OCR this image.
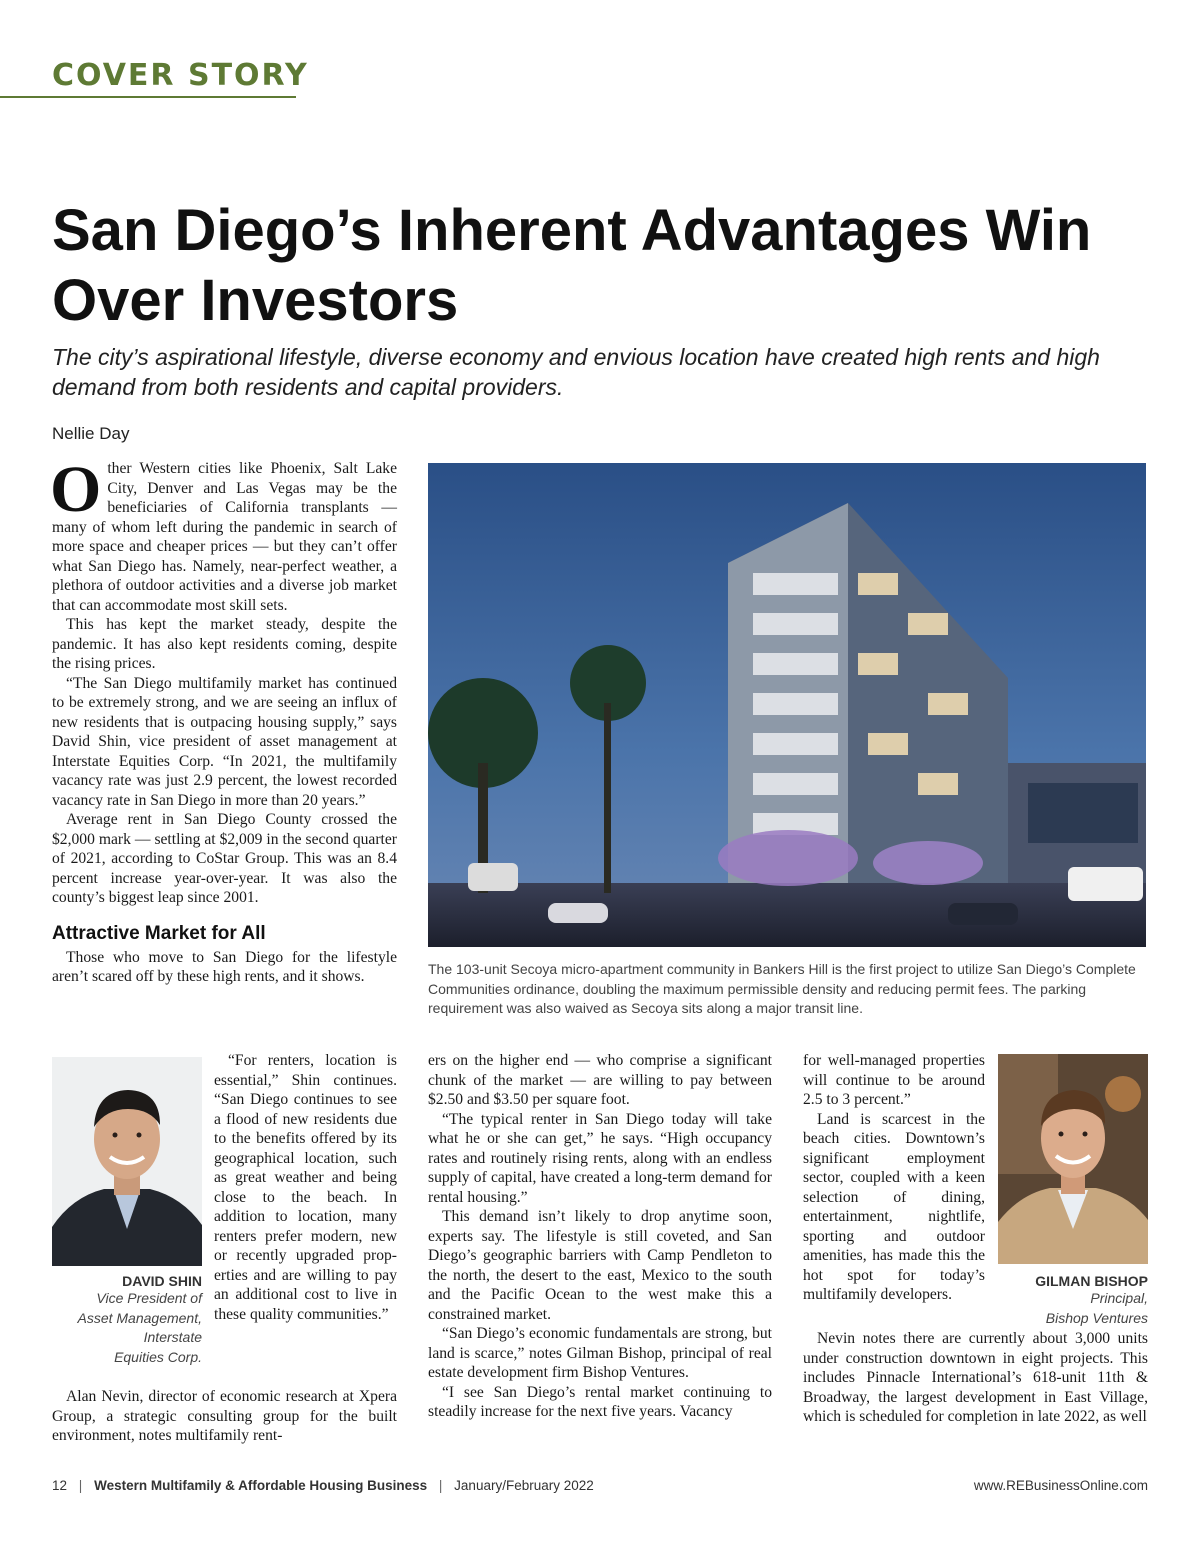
COVER STORY
San Diego’s Inherent Advantages Win Over Investors

The city’s aspirational lifestyle, diverse economy and envious location have created high rents and high demand from both residents and capital providers.

Nellie Day

Other Western cities like Phoenix, Salt Lake City, Denver and Las Vegas may be the beneficiaries of California transplants — many of whom left during the pandemic in search of more space and cheaper prices — but they can’t offer what San Diego has. Namely, near-perfect weather, a plethora of outdoor activities and a diverse job market that can accommodate most skill sets.

This has kept the market steady, despite the pandemic. It has also kept residents coming, despite the rising prices.

“The San Diego multifamily market has continued to be extremely strong, and we are seeing an influx of new residents that is outpacing housing supply,” says David Shin, vice president of asset management at Interstate Equities Corp. “In 2021, the multifamily vacancy rate was just 2.9 percent, the lowest recorded vacancy rate in San Diego in more than 20 years.”

Average rent in San Diego County crossed the $2,000 mark — settling at $2,009 in the second quarter of 2021, according to CoStar Group. This was an 8.4 percent increase year-over-year. It was also the county’s biggest leap since 2001.

Attractive Market for All

Those who move to San Diego for the lifestyle aren’t scared off by these high rents, and it shows.

DAVID SHIN
Vice President of
Asset Management,
Interstate
Equities Corp.

“For renters, location is essential,” Shin continues. “San Diego continues to see a flood of new residents due to the benefits offered by its geographical location, such as great weather and being close to the beach. In addition to location, many renters prefer modern, new or recently upgraded properties and are willing to pay an additional cost to live in these quality communities.”

Alan Nevin, director of economic research at Xpera Group, a strategic consulting group for the built environment, notes multifamily rent-

The 103-unit Secoya micro-apartment community in Bankers Hill is the first project to utilize San Diego’s Complete Communities ordinance, doubling the maximum permissible density and reducing permit fees. The parking requirement was also waived as Secoya sits along a major transit line.

ers on the higher end — who comprise a significant chunk of the market — are willing to pay between $2.50 and $3.50 per square foot.

“The typical renter in San Diego today will take what he or she can get,” he says. “High occupancy rates and routinely rising rents, along with an endless supply of capital, have created a long-term demand for rental housing.”

This demand isn’t likely to drop anytime soon, experts say. The lifestyle is still coveted, and San Diego’s geographic barriers with Camp Pendleton to the north, the desert to the east, Mexico to the south and the Pacific Ocean to the west make this a constrained market.

“San Diego’s economic fundamentals are strong, but land is scarce,” notes Gilman Bishop, principal of real estate development firm Bishop Ventures.

“I see San Diego’s rental market continuing to steadily increase for the next five years. Vacancy

GILMAN BISHOP
Principal,
Bishop Ventures

for well-managed properties will continue to be around 2.5 to 3 percent.”

Land is scarcest in the beach cities. Downtown’s significant employment sector, coupled with a keen selection of dining, entertainment, nightlife, sporting and outdoor amenities, has made this the hot spot for today’s multifamily developers.

Nevin notes there are currently about 3,000 units under construction downtown in eight projects. This includes Pinnacle International’s 618-unit 11th & Broadway, the largest development in East Village, which is scheduled for completion in late 2022, as well

12 | Western Multifamily & Affordable Housing Business | January/February 2022	www.REBusinessOnline.com
